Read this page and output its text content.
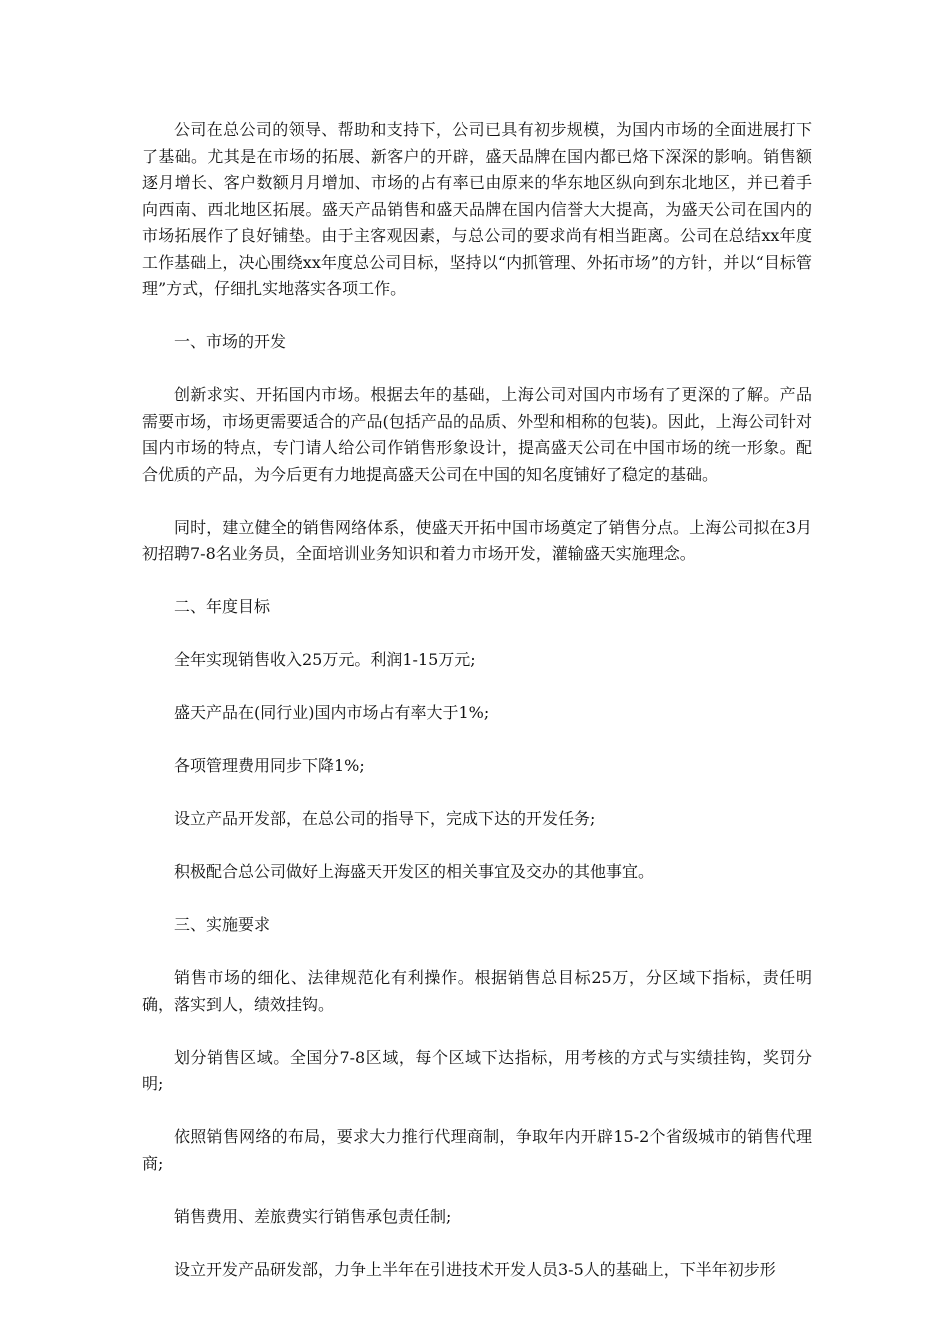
公司在总公司的领导、帮助和支持下，公司已具有初步规模，为国内市场的全面进展打下了基础。尤其是在市场的拓展、新客户的开辟，盛天品牌在国内都已烙下深深的影响。销售额逐月增长、客户数额月月增加、市场的占有率已由原来的华东地区纵向到东北地区，并已着手向西南、西北地区拓展。盛天产品销售和盛天品牌在国内信誉大大提高，为盛天公司在国内的市场拓展作了良好铺垫。由于主客观因素，与总公司的要求尚有相当距离。公司在总结xx年度工作基础上，决心围绕xx年度总公司目标，坚持以“内抓管理、外拓市场”的方针，并以“目标管理”方式，仔细扎实地落实各项工作。

一、市场的开发

创新求实、开拓国内市场。根据去年的基础，上海公司对国内市场有了更深的了解。产品需要市场，市场更需要适合的产品(包括产品的品质、外型和相称的包装)。因此，上海公司针对国内市场的特点，专门请人给公司作销售形象设计，提高盛天公司在中国市场的统一形象。配合优质的产品，为今后更有力地提高盛天公司在中国的知名度铺好了稳定的基础。

同时，建立健全的销售网络体系，使盛天开拓中国市场奠定了销售分点。上海公司拟在3月初招聘7-8名业务员，全面培训业务知识和着力市场开发，灌输盛天实施理念。

二、年度目标

全年实现销售收入25万元。利润1-15万元;

盛天产品在(同行业)国内市场占有率大于1%;

各项管理费用同步下降1%;

设立产品开发部，在总公司的指导下，完成下达的开发任务;

积极配合总公司做好上海盛天开发区的相关事宜及交办的其他事宜。

三、实施要求

销售市场的细化、法律规范化有利操作。根据销售总目标25万，分区域下指标，责任明确，落实到人，绩效挂钩。

划分销售区域。全国分7-8区域，每个区域下达指标，用考核的方式与实绩挂钩，奖罚分明;

依照销售网络的布局，要求大力推行代理商制，争取年内开辟15-2个省级城市的销售代理商;

销售费用、差旅费实行销售承包责任制;

设立开发产品研发部，力争上半年在引进技术开发人员3-5人的基础上，下半年初步形
